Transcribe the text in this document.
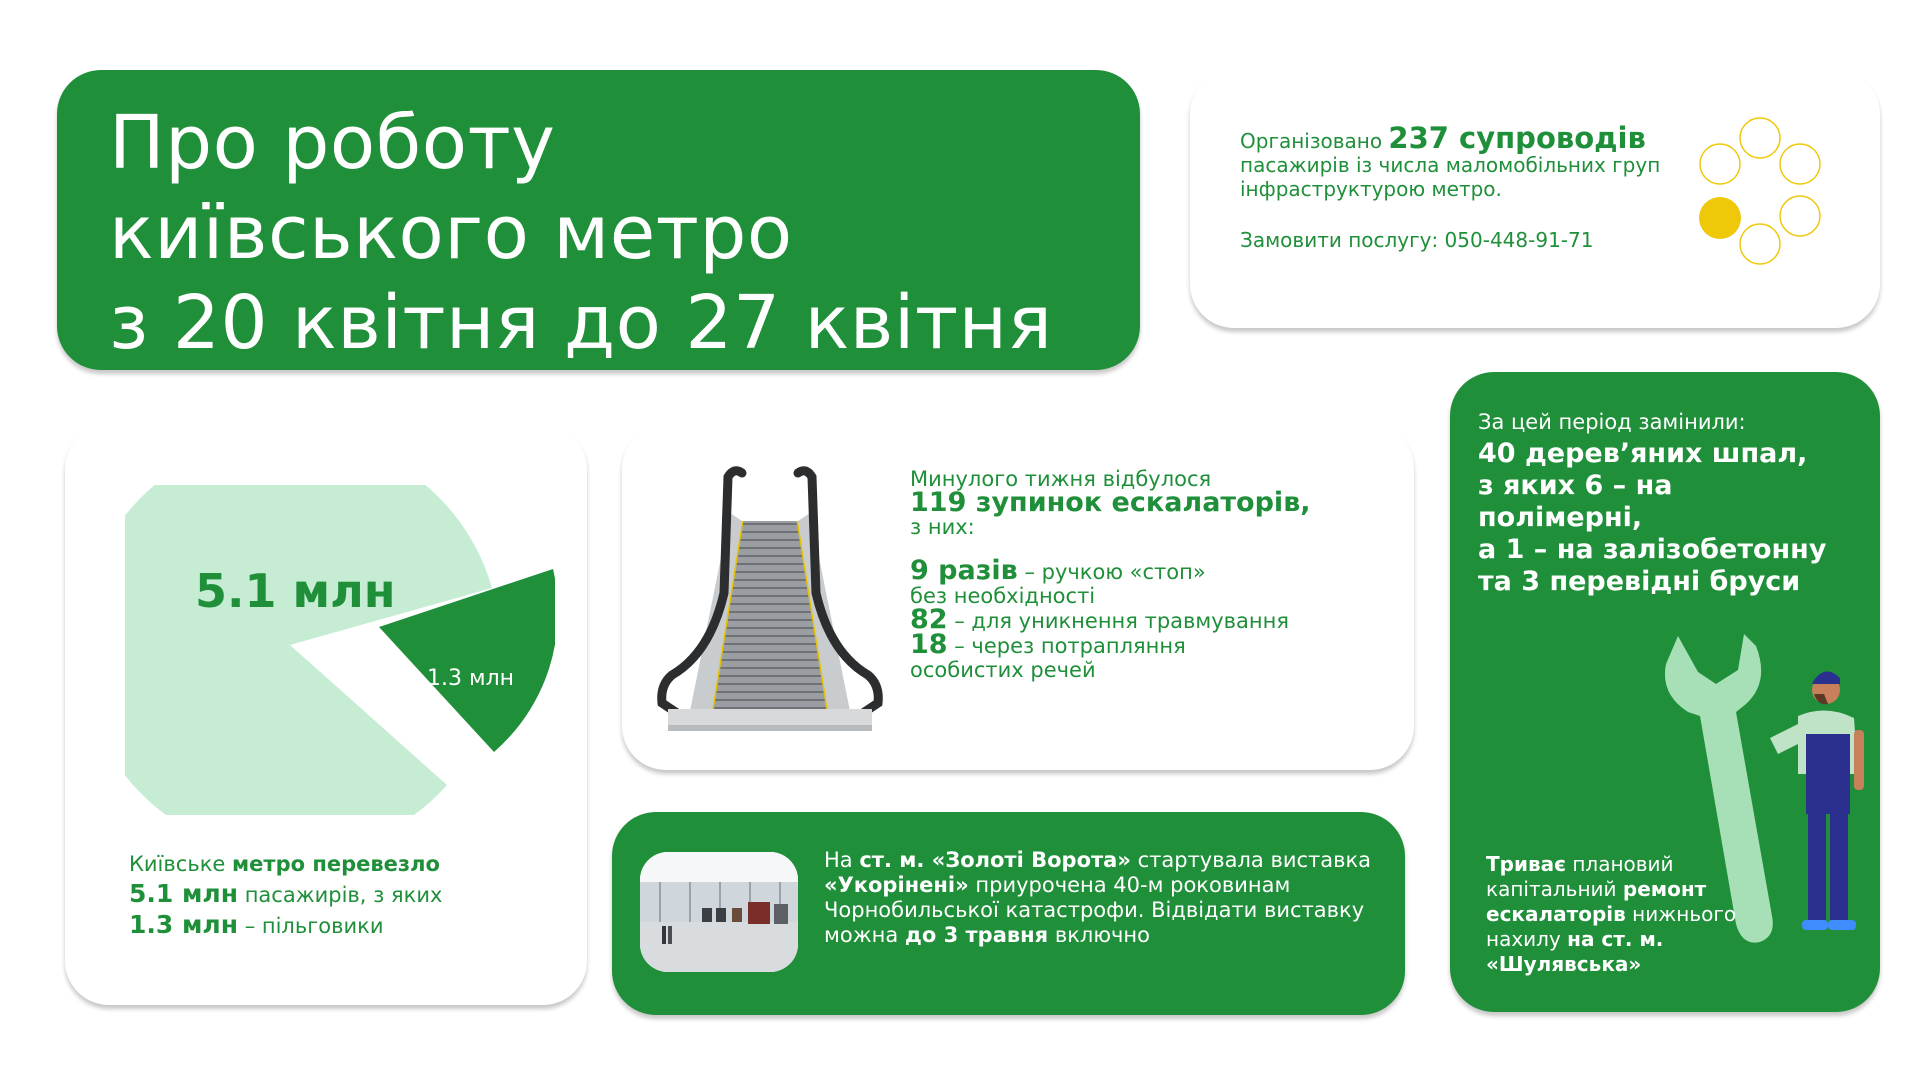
Про роботу
київського метро
з 20 квітня до 27 квітня
Організовано 237 супроводів
пасажирів із числа маломобільних груп інфраструктурою метро.
Замовити послугу: 050-448-91-71
5.1 млн
1.3 млн

Київське метро перевезло

5.1 млн пасажирів, з яких

1.3 млн – пільговики

Минулого тижня відбулося

119 зупинок ескалаторів,

з них:

9 разів – ручкою «стоп»

без необхідності

82 – для уникнення травмування

18 – через потрапляння

особистих речей

На ст. м. «Золоті Ворота» стартувала виставка «Укорінені» приурочена 40-м роковинам Чорнобильської катастрофи. Відвідати виставку можна до 3 травня включно
За цей період замінили:

40 дерев’яних шпал,

з яких 6 – на

полімерні,

а 1 – на залізобетонну

та 3 перевідні бруси

Триває плановий капітальний ремонт ескалаторів нижнього нахилу на ст. м. «Шулявська»
